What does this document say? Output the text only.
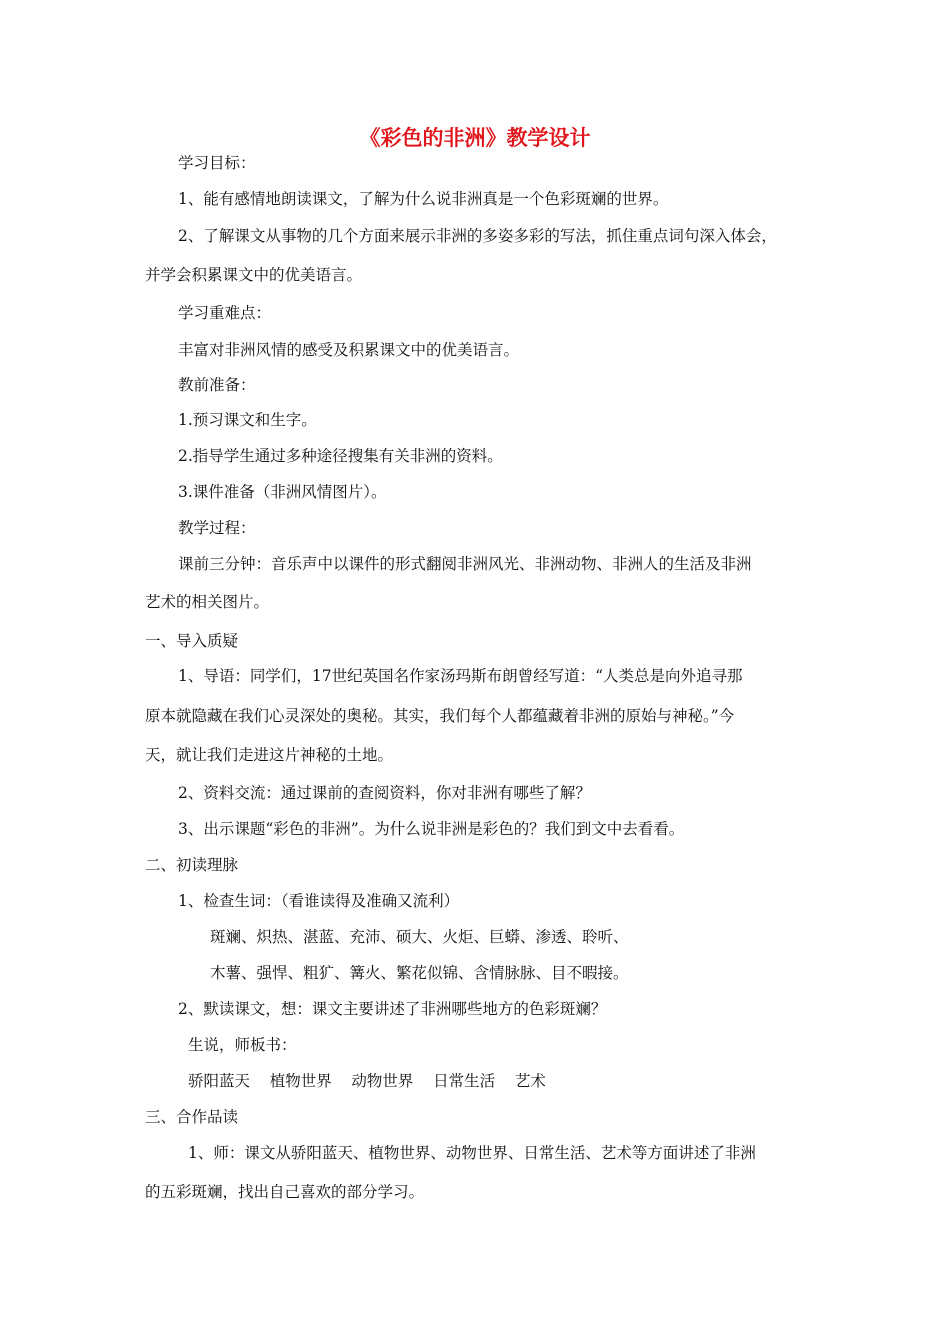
《彩色的非洲》教学设计
学习目标：
1、能有感情地朗读课文，了解为什么说非洲真是一个色彩斑斓的世界。
2、了解课文从事物的几个方面来展示非洲的多姿多彩的写法，抓住重点词句深入体会，
并学会积累课文中的优美语言。
学习重难点：
丰富对非洲风情的感受及积累课文中的优美语言。
教前准备：
1.预习课文和生字。
2.指导学生通过多种途径搜集有关非洲的资料。
3.课件准备（非洲风情图片）。
教学过程：
课前三分钟：音乐声中以课件的形式翻阅非洲风光、非洲动物、非洲人的生活及非洲
艺术的相关图片。
一、导入质疑
1、导语：同学们，17世纪英国名作家汤玛斯布朗曾经写道：“人类总是向外追寻那
原本就隐藏在我们心灵深处的奥秘。其实，我们每个人都蕴藏着非洲的原始与神秘。”今
天，就让我们走进这片神秘的土地。
2、资料交流：通过课前的查阅资料，你对非洲有哪些了解？
3、出示课题“彩色的非洲”。为什么说非洲是彩色的？我们到文中去看看。
二、初读理脉
1、检查生词：（看谁读得及准确又流利）
斑斓、炽热、湛蓝、充沛、硕大、火炬、巨蟒、渗透、聆听、
木薯、强悍、粗犷、篝火、繁花似锦、含情脉脉、目不暇接。
2、默读课文，想：课文主要讲述了非洲哪些地方的色彩斑斓？
生说，师板书：
骄阳蓝天    植物世界    动物世界    日常生活    艺术
三、合作品读
1、师：课文从骄阳蓝天、植物世界、动物世界、日常生活、艺术等方面讲述了非洲
的五彩斑斓，找出自己喜欢的部分学习。
